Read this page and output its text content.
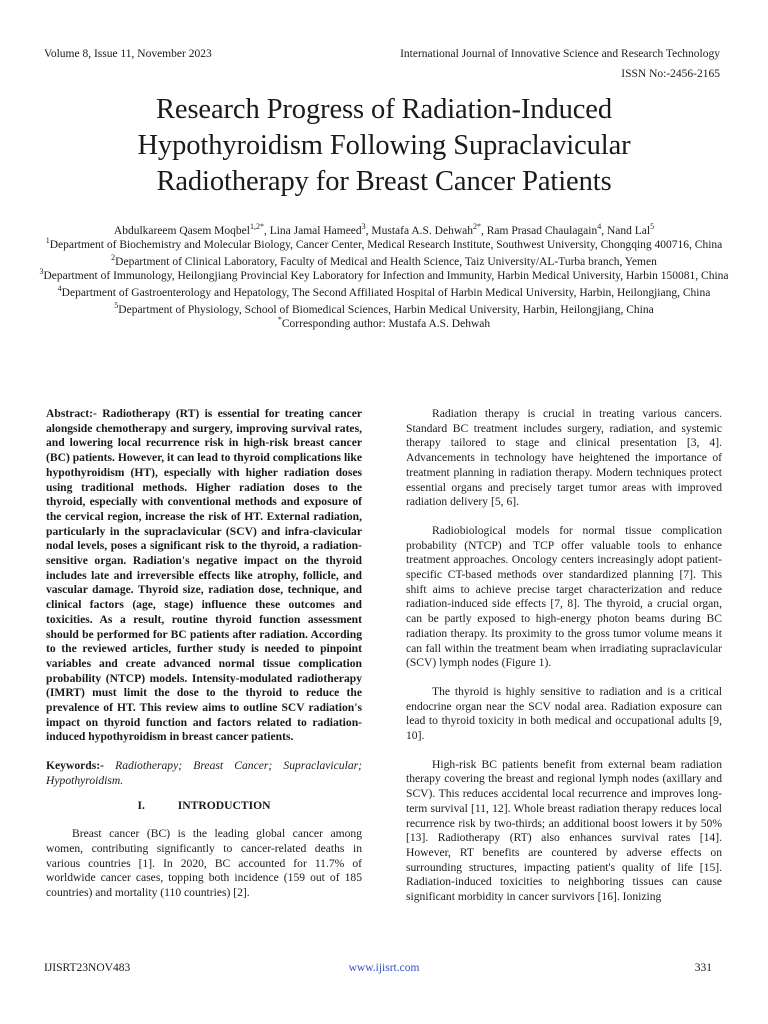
Volume 8, Issue 11, November 2023	International Journal of Innovative Science and Research Technology
ISSN No:-2456-2165
Research Progress of Radiation-Induced Hypothyroidism Following Supraclavicular Radiotherapy for Breast Cancer Patients

Abdulkareem Qasem Moqbel$^{1,2*}$, Lina Jamal Hameed$^3$, Mustafa A.S. Dehwah$^{2*}$, Ram Prasad Chaulagain$^4$, Nand Lal$^5$

$^1$Department of Biochemistry and Molecular Biology, Cancer Center, Medical Research Institute, Southwest University, Chongqing 400716, China

$^2$Department of Clinical Laboratory, Faculty of Medical and Health Science, Taiz University/AL-Turba branch, Yemen

$^3$Department of Immunology, Heilongjiang Provincial Key Laboratory for Infection and Immunity, Harbin Medical University, Harbin 150081, China

$^4$Department of Gastroenterology and Hepatology, The Second Affiliated Hospital of Harbin Medical University, Harbin, Heilongjiang, China

$^5$Department of Physiology, School of Biomedical Sciences, Harbin Medical University, Harbin, Heilongjiang, China

*Corresponding author: Mustafa A.S. Dehwah

Abstract:- Radiotherapy (RT) is essential for treating cancer alongside chemotherapy and surgery, improving survival rates, and lowering local recurrence risk in high-risk breast cancer (BC) patients. However, it can lead to thyroid complications like hypothyroidism (HT), especially with higher radiation doses using traditional methods. Higher radiation doses to the thyroid, especially with conventional methods and exposure of the cervical region, increase the risk of HT. External radiation, particularly in the supraclavicular (SCV) and infra-clavicular nodal levels, poses a significant risk to the thyroid, a radiation-sensitive organ. Radiation's negative impact on the thyroid includes late and irreversible effects like atrophy, follicle, and vascular damage. Thyroid size, radiation dose, technique, and clinical factors (age, stage) influence these outcomes and toxicities. As a result, routine thyroid function assessment should be performed for BC patients after radiation. According to the reviewed articles, further study is needed to pinpoint variables and create advanced normal tissue complication probability (NTCP) models. Intensity-modulated radiotherapy (IMRT) must limit the dose to the thyroid to reduce the prevalence of HT. This review aims to outline SCV radiation's impact on thyroid function and factors related to radiation-induced hypothyroidism in breast cancer patients.

Keywords:- Radiotherapy; Breast Cancer; Supraclavicular; Hypothyroidism.

I.	INTRODUCTION

Breast cancer (BC) is the leading global cancer among women, contributing significantly to cancer-related deaths in various countries [1]. In 2020, BC accounted for 11.7% of worldwide cancer cases, topping both incidence (159 out of 185 countries) and mortality (110 countries) [2].

Radiation therapy is crucial in treating various cancers. Standard BC treatment includes surgery, radiation, and systemic therapy tailored to stage and clinical presentation [3, 4]. Advancements in technology have heightened the importance of treatment planning in radiation therapy. Modern techniques protect essential organs and precisely target tumor areas with improved radiation delivery [5, 6].

Radiobiological models for normal tissue complication probability (NTCP) and TCP offer valuable tools to enhance treatment approaches. Oncology centers increasingly adopt patient-specific CT-based methods over standardized planning [7]. This shift aims to achieve precise target characterization and reduce radiation-induced side effects [7, 8]. The thyroid, a crucial organ, can be partly exposed to high-energy photon beams during BC radiation therapy. Its proximity to the gross tumor volume means it can fall within the treatment beam when irradiating supraclavicular (SCV) lymph nodes (Figure 1).

The thyroid is highly sensitive to radiation and is a critical endocrine organ near the SCV nodal area. Radiation exposure can lead to thyroid toxicity in both medical and occupational adults [9, 10].

High-risk BC patients benefit from external beam radiation therapy covering the breast and regional lymph nodes (axillary and SCV). This reduces accidental local recurrence and improves long-term survival [11, 12]. Whole breast radiation therapy reduces local recurrence risk by two-thirds; an additional boost lowers it by 50% [13]. Radiotherapy (RT) also enhances survival rates [14]. However, RT benefits are countered by adverse effects on surrounding structures, impacting patient's quality of life [15]. Radiation-induced toxicities to neighboring tissues can cause significant morbidity in cancer survivors [16]. Ionizing

IJISRT23NOV483	www.ijisrt.com	331
